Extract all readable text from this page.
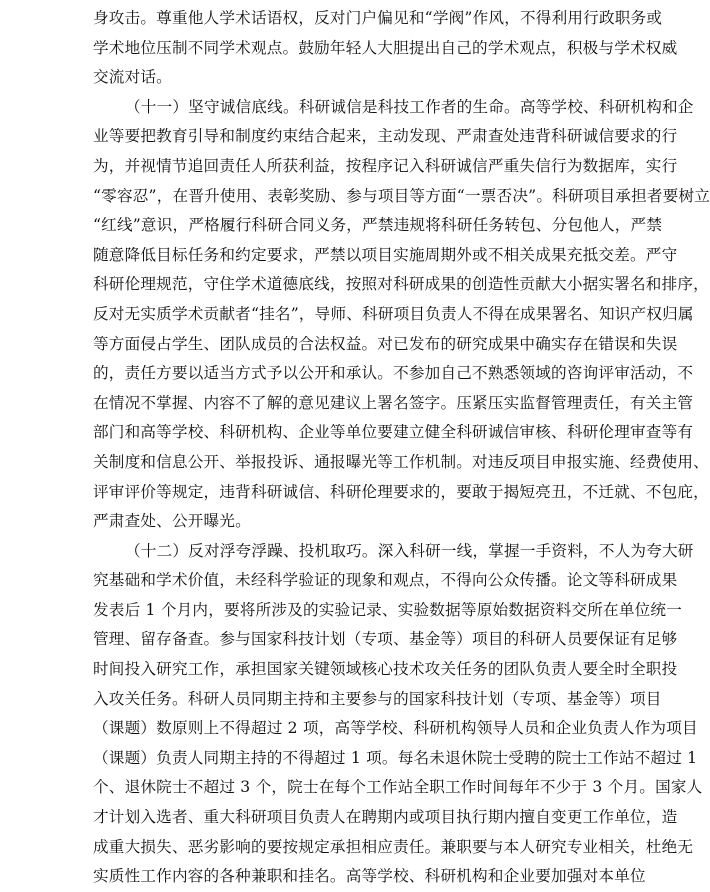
身攻击。尊重他人学术话语权，反对门户偏见和“学阀”作风，不得利用行政职务或
学术地位压制不同学术观点。鼓励年轻人大胆提出自己的学术观点，积极与学术权威
交流对话。
（十一）坚守诚信底线。科研诚信是科技工作者的生命。高等学校、科研机构和企
业等要把教育引导和制度约束结合起来，主动发现、严肃查处违背科研诚信要求的行
为，并视情节追回责任人所获利益，按程序记入科研诚信严重失信行为数据库，实行
“零容忍”，在晋升使用、表彰奖励、参与项目等方面“一票否决”。科研项目承担者要树立
“红线”意识，严格履行科研合同义务，严禁违规将科研任务转包、分包他人，严禁
随意降低目标任务和约定要求，严禁以项目实施周期外或不相关成果充抵交差。严守
科研伦理规范，守住学术道德底线，按照对科研成果的创造性贡献大小据实署名和排序，
反对无实质学术贡献者“挂名”，导师、科研项目负责人不得在成果署名、知识产权归属
等方面侵占学生、团队成员的合法权益。对已发布的研究成果中确实存在错误和失误
的，责任方要以适当方式予以公开和承认。不参加自己不熟悉领域的咨询评审活动，不
在情况不掌握、内容不了解的意见建议上署名签字。压紧压实监督管理责任，有关主管
部门和高等学校、科研机构、企业等单位要建立健全科研诚信审核、科研伦理审查等有
关制度和信息公开、举报投诉、通报曝光等工作机制。对违反项目申报实施、经费使用、
评审评价等规定，违背科研诚信、科研伦理要求的，要敢于揭短亮丑，不迁就、不包庇，
严肃查处、公开曝光。
（十二）反对浮夸浮躁、投机取巧。深入科研一线，掌握一手资料，不人为夸大研
究基础和学术价值，未经科学验证的现象和观点，不得向公众传播。论文等科研成果
发表后 1 个月内，要将所涉及的实验记录、实验数据等原始数据资料交所在单位统一
管理、留存备查。参与国家科技计划（专项、基金等）项目的科研人员要保证有足够
时间投入研究工作，承担国家关键领域核心技术攻关任务的团队负责人要全时全职投
入攻关任务。科研人员同期主持和主要参与的国家科技计划（专项、基金等）项目
（课题）数原则上不得超过 2 项，高等学校、科研机构领导人员和企业负责人作为项目
（课题）负责人同期主持的不得超过 1 项。每名未退休院士受聘的院士工作站不超过 1
个、退休院士不超过 3 个，院士在每个工作站全职工作时间每年不少于 3 个月。国家人
才计划入选者、重大科研项目负责人在聘期内或项目执行期内擅自变更工作单位，造
成重大损失、恶劣影响的要按规定承担相应责任。兼职要与本人研究专业相关，杜绝无
实质性工作内容的各种兼职和挂名。高等学校、科研机构和企业要加强对本单位
